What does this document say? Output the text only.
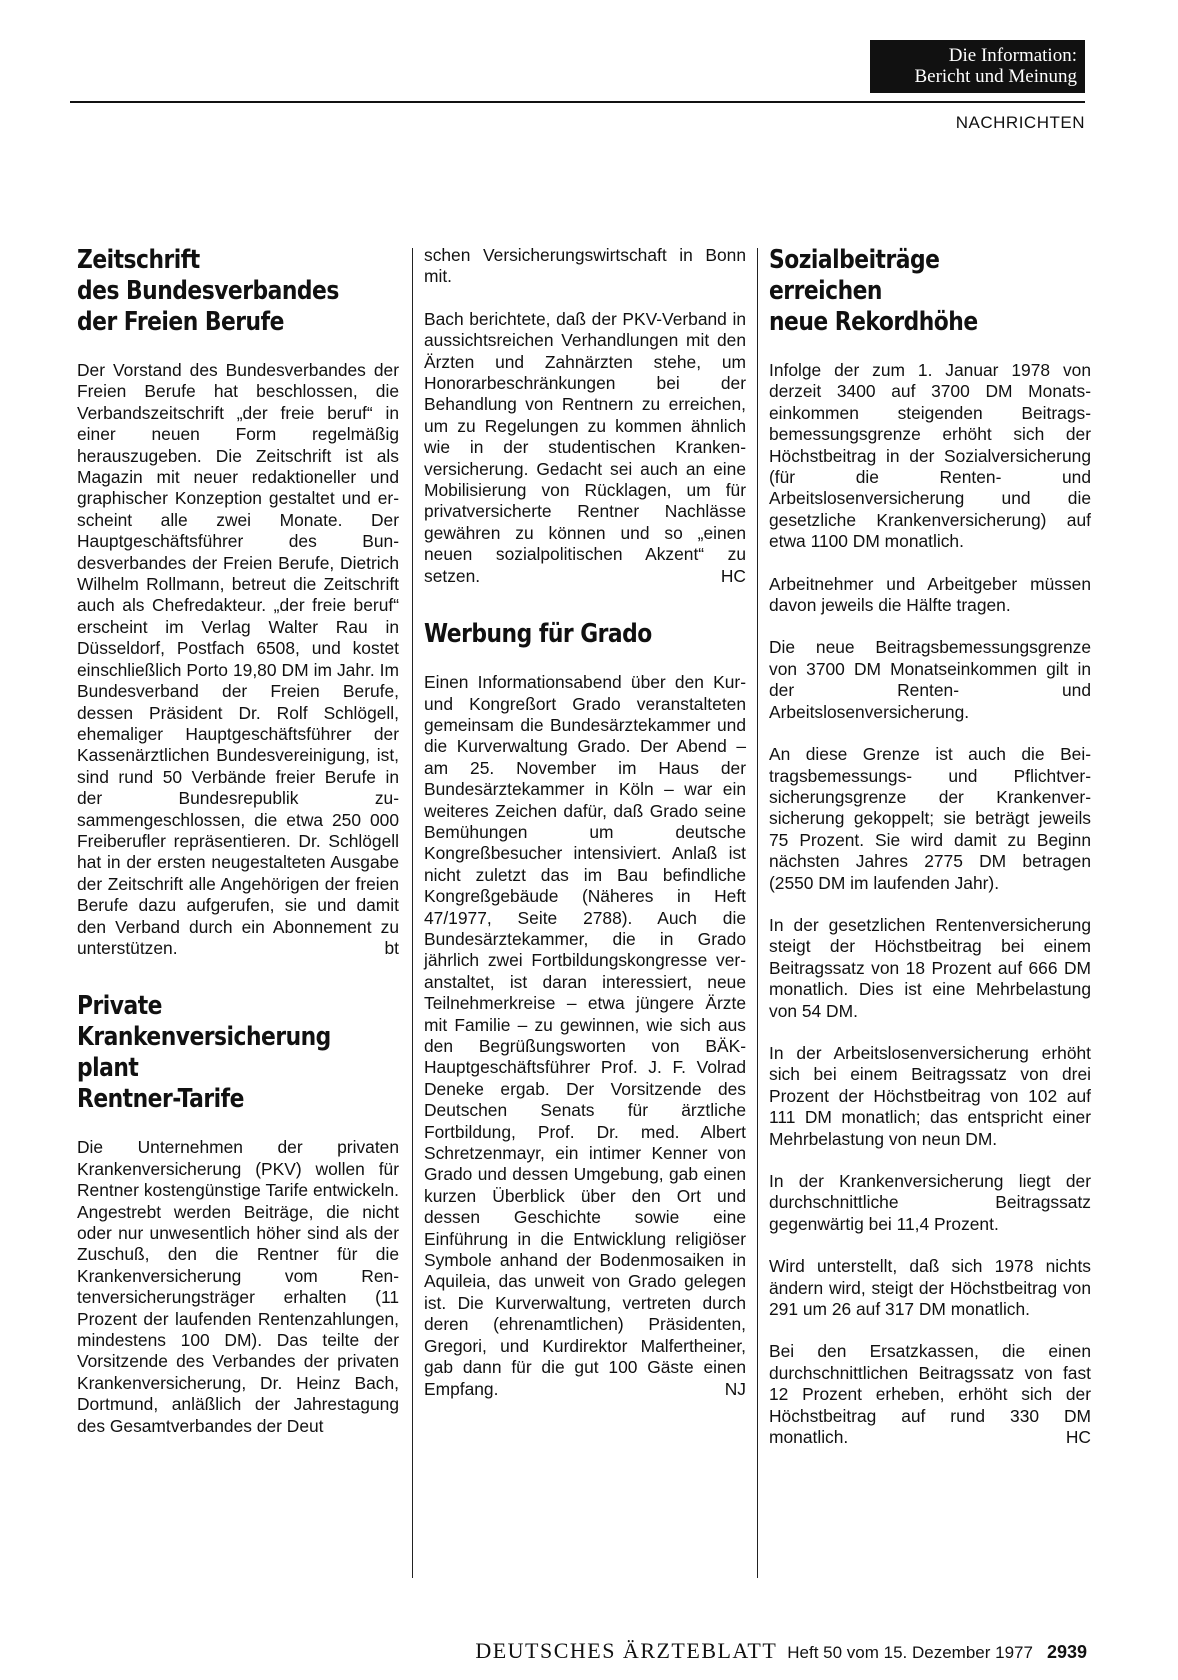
Die Information:
Bericht und Meinung
NACHRICHTEN
Zeitschrift
des Bundesverbandes
der Freien Berufe

Der Vorstand des Bundesverbandes der Freien Berufe hat beschlossen, die Verbandszeitschrift „der freie beruf“ in einer neuen Form regelmäßig herauszugeben. Die Zeitschrift ist als Magazin mit neuer redaktioneller und graphischer Konzeption gestaltet und erscheint alle zwei Monate. Der Hauptgeschäftsführer des Bundesverbandes der Freien Berufe, Dietrich Wilhelm Rollmann, betreut die Zeitschrift auch als Chefredakteur. „der freie beruf“ erscheint im Verlag Walter Rau in Düsseldorf, Postfach 6508, und kostet einschließlich Porto 19,80 DM im Jahr. Im Bundesverband der Freien Berufe, dessen Präsident Dr. Rolf Schlögell, ehemaliger Hauptgeschäftsführer der Kassenärztlichen Bundesvereinigung, ist, sind rund 50 Verbände freier Berufe in der Bundesrepublik zusammengeschlossen, die etwa 250 000 Freiberufler repräsentieren. Dr. Schlögell hat in der ersten neugestalteten Ausgabe der Zeitschrift alle Angehörigen der freien Berufe dazu aufgerufen, sie und damit den Verband durch ein Abonnement zu unterstützen.	bt

Private
Krankenversicherung plant
Rentner-Tarife

Die Unternehmen der privaten Krankenversicherung (PKV) wollen für Rentner kostengünstige Tarife entwickeln. Angestrebt werden Beiträge, die nicht oder nur unwesentlich höher sind als der Zuschuß, den die Rentner für die Krankenversicherung vom Rentenversicherungsträger erhalten (11 Prozent der laufenden Rentenzahlungen, mindestens 100 DM). Das teilte der Vorsitzende des Verbandes der privaten Krankenversicherung, Dr. Heinz Bach, Dortmund, anläßlich der Jahrestagung des Gesamtverbandes der Deut

schen Versicherungswirtschaft in Bonn mit.

Bach berichtete, daß der PKV-Verband in aussichtsreichen Verhandlungen mit den Ärzten und Zahnärzten stehe, um Honorarbeschränkungen bei der Behandlung von Rentnern zu erreichen, um zu Regelungen zu kommen ähnlich wie in der studentischen Krankenversicherung. Gedacht sei auch an eine Mobilisierung von Rücklagen, um für privatversicherte Rentner Nachlässe gewähren zu können und so „einen neuen sozialpolitischen Akzent“ zu setzen.	HC

Werbung für Grado

Einen Informationsabend über den Kur- und Kongreßort Grado veranstalteten gemeinsam die Bundesärztekammer und die Kurverwaltung Grado. Der Abend – am 25. November im Haus der Bundesärztekammer in Köln – war ein weiteres Zeichen dafür, daß Grado seine Bemühungen um deutsche Kongreßbesucher intensiviert. Anlaß ist nicht zuletzt das im Bau befindliche Kongreßgebäude (Näheres in Heft 47/1977, Seite 2788). Auch die Bundesärztekammer, die in Grado jährlich zwei Fortbildungskongresse veranstaltet, ist daran interessiert, neue Teilnehmerkreise – etwa jüngere Ärzte mit Familie – zu gewinnen, wie sich aus den Begrüßungsworten von BÄK-Hauptgeschäftsführer Prof. J. F. Volrad Deneke ergab. Der Vorsitzende des Deutschen Senats für ärztliche Fortbildung, Prof. Dr. med. Albert Schretzenmayr, ein intimer Kenner von Grado und dessen Umgebung, gab einen kurzen Überblick über den Ort und dessen Geschichte sowie eine Einführung in die Entwicklung religiöser Symbole anhand der Bodenmosaiken in Aquileia, das unweit von Grado gelegen ist. Die Kurverwaltung, vertreten durch deren (ehrenamtlichen) Präsidenten, Gregori, und Kurdirektor Malfertheiner, gab dann für die gut 100 Gäste einen Empfang.	NJ

Sozialbeiträge
erreichen
neue Rekordhöhe

Infolge der zum 1. Januar 1978 von derzeit 3400 auf 3700 DM Monatseinkommen steigenden Beitragsbemessungsgrenze erhöht sich der Höchstbeitrag in der Sozialversicherung (für die Renten- und Arbeitslosenversicherung und die gesetzliche Krankenversicherung) auf etwa 1100 DM monatlich.

Arbeitnehmer und Arbeitgeber müssen davon jeweils die Hälfte tragen.

Die neue Beitragsbemessungsgrenze von 3700 DM Monatseinkommen gilt in der Renten- und Arbeitslosenversicherung.

An diese Grenze ist auch die Beitragsbemessungs- und Pflichtversicherungsgrenze der Krankenversicherung gekoppelt; sie beträgt jeweils 75 Prozent. Sie wird damit zu Beginn nächsten Jahres 2775 DM betragen (2550 DM im laufenden Jahr).

In der gesetzlichen Rentenversicherung steigt der Höchstbeitrag bei einem Beitragssatz von 18 Prozent auf 666 DM monatlich. Dies ist eine Mehrbelastung von 54 DM.

In der Arbeitslosenversicherung erhöht sich bei einem Beitragssatz von drei Prozent der Höchstbeitrag von 102 auf 111 DM monatlich; das entspricht einer Mehrbelastung von neun DM.

In der Krankenversicherung liegt der durchschnittliche Beitragssatz gegenwärtig bei 11,4 Prozent.

Wird unterstellt, daß sich 1978 nichts ändern wird, steigt der Höchstbeitrag von 291 um 26 auf 317 DM monatlich.

Bei den Ersatzkassen, die einen durchschnittlichen Beitragssatz von fast 12 Prozent erheben, erhöht sich der Höchstbeitrag auf rund 330 DM monatlich.	HC

DEUTSCHES ÄRZTEBLATT Heft 50 vom 15. Dezember 1977 2939
